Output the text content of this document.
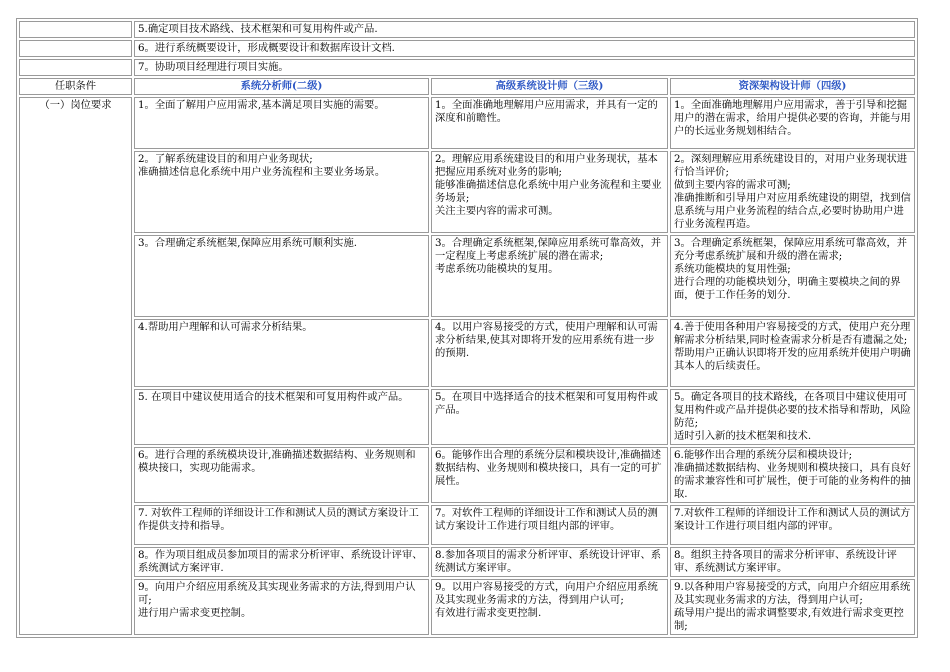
	5.确定项目技术路线、技术框架和可复用构件或产品.		
	6。进行系统概要设计，形成概要设计和数据库设计文档.		
	7。协助项目经理进行项目实施。		
任职条件	系统分析师(二级)	高级系统设计师（三级)	资深架构设计师（四级)
（一）岗位要求	1。全面了解用户应用需求,基本满足项目实施的需要。	1。全面准确地理解用户应用需求，并具有一定的深度和前瞻性。	1。全面准确地理解用户应用需求，善于引导和挖掘用户的潜在需求，给用户提供必要的咨询，并能与用户的长远业务规划相结合。

	2。了解系统建设目的和用户业务现状;
准确描述信息化系统中用户业务流程和主要业务场景。	2。理解应用系统建设目的和用户业务现状，基本把握应用系统对业务的影响;
能够准确描述信息化系统中用户业务流程和主要业务场景;
关注主要内容的需求可测。	2。深刻理解应用系统建设目的，对用户业务现状进行恰当评价;
做到主要内容的需求可测;
准确推断和引导用户对应用系统建设的期望，找到信息系统与用户业务流程的结合点,必要时协助用户进行业务流程再造。

	3。合理确定系统框架,保障应用系统可顺利实施.	3。合理确定系统框架,保障应用系统可靠高效，并一定程度上考虑系统扩展的潜在需求;
考虑系统功能模块的复用。	3。合理确定系统框架，保障应用系统可靠高效，并充分考虑系统扩展和升级的潜在需求;
系统功能模块的复用性强;
进行合理的功能模块划分，明确主要模块之间的界面，便于工作任务的划分.

	4.帮助用户理解和认可需求分析结果。	4。以用户容易接受的方式，使用户理解和认可需求分析结果,使其对即将开发的应用系统有进一步的预期.	4.善于使用各种用户容易接受的方式，使用户充分理解需求分析结果,同时检查需求分析是否有遗漏之处;
帮助用户正确认识即将开发的应用系统并使用户明确其本人的后续责任。

	5. 在项目中建议使用适合的技术框架和可复用构件或产品。	5。在项目中选择适合的技术框架和可复用构件或产品。	5。确定各项目的技术路线，在各项目中建议使用可复用构件或产品并提供必要的技术指导和帮助，风险防范;
适时引入新的技术框架和技术.

	6。进行合理的系统模块设计,准确描述数据结构、业务规则和模块接口，实现功能需求。	6。能够作出合理的系统分层和模块设计,准确描述数据结构、业务规则和模块接口，具有一定的可扩展性。	6.能够作出合理的系统分层和模块设计;
准确描述数据结构、业务规则和模块接口，具有良好的需求兼容性和可扩展性，便于可能的业务构件的抽取.

	7. 对软件工程师的详细设计工作和测试人员的测试方案设计工作提供支持和指导。	7。对软件工程师的详细设计工作和测试人员的测试方案设计工作进行项目组内部的评审。	7.对软件工程师的详细设计工作和测试人员的测试方案设计工作进行项目组内部的评审。

	8。作为项目组成员参加项目的需求分析评审、系统设计评审、系统测试方案评审.	8.参加各项目的需求分析评审、系统设计评审、系统测试方案评审。	8。组织主持各项目的需求分析评审、系统设计评审、系统测试方案评审。

	9。向用户介绍应用系统及其实现业务需求的方法,得到用户认可;
进行用户需求变更控制。	9。以用户容易接受的方式，向用户介绍应用系统及其实现业务需求的方法，得到用户认可;
有效进行需求变更控制.	9.以各种用户容易接受的方式，向用户介绍应用系统及其实现业务需求的方法，得到用户认可;
疏导用户提出的需求调整要求,有效进行需求变更控制;
